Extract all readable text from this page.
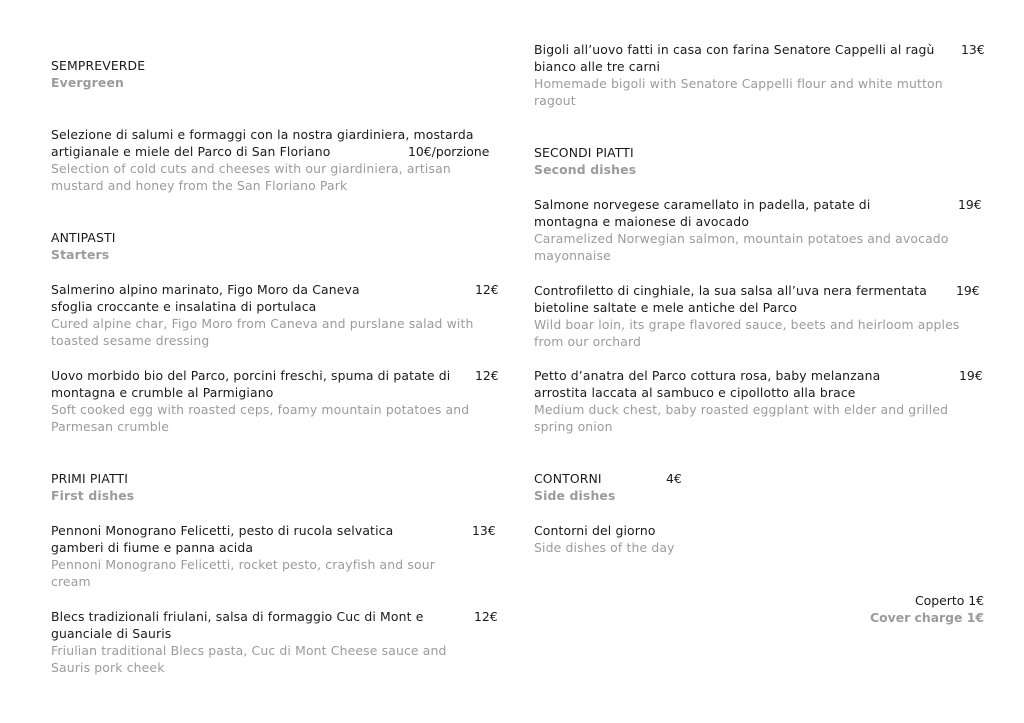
SEMPREVERDE
Evergreen
Selezione di salumi e formaggi con la nostra giardiniera, mostarda artigianale e miele del Parco di San Floriano	10€/porzione
Selection of cold cuts and cheeses with our giardiniera, artisan mustard and honey from the San Floriano Park
ANTIPASTI
Starters
Salmerino alpino marinato, Figo Moro da Caneva sfoglia croccante e insalatina di portulaca
12€
Cured alpine char, Figo Moro from Caneva and purslane salad with toasted sesame dressing
Uovo morbido bio del Parco, porcini freschi, spuma di patate di montagna e crumble al Parmigiano
12€
Soft cooked egg with roasted ceps, foamy mountain potatoes and Parmesan crumble
PRIMI PIATTI
First dishes
Pennoni Monograno Felicetti, pesto di rucola selvatica gamberi di fiume e panna acida
13€
Pennoni Monograno Felicetti, rocket pesto, crayfish and sour cream
Blecs tradizionali friulani, salsa di formaggio Cuc di Mont e guanciale di Sauris
12€
Friulian traditional Blecs pasta, Cuc di Mont Cheese sauce and Sauris pork cheek
Bigoli all’uovo fatti in casa con farina Senatore Cappelli al ragù bianco alle tre carni
13€
Homemade bigoli with Senatore Cappelli flour and white mutton ragout
SECONDI PIATTI
Second dishes
Salmone norvegese caramellato in padella, patate di montagna e maionese di avocado
19€
Caramelized Norwegian salmon, mountain potatoes and avocado mayonnaise
Controfiletto di cinghiale, la sua salsa all’uva nera fermentata bietoline saltate e mele antiche del Parco
19€
Wild boar loin, its grape flavored sauce, beets and heirloom apples from our orchard
Petto d’anatra del Parco cottura rosa, baby melanzana arrostita laccata al sambuco e cipollotto alla brace
19€
Medium duck chest, baby roasted eggplant with elder and grilled spring onion
CONTORNI	4€
Side dishes
Contorni del giorno
Side dishes of the day
Coperto 1€
Cover charge 1€
